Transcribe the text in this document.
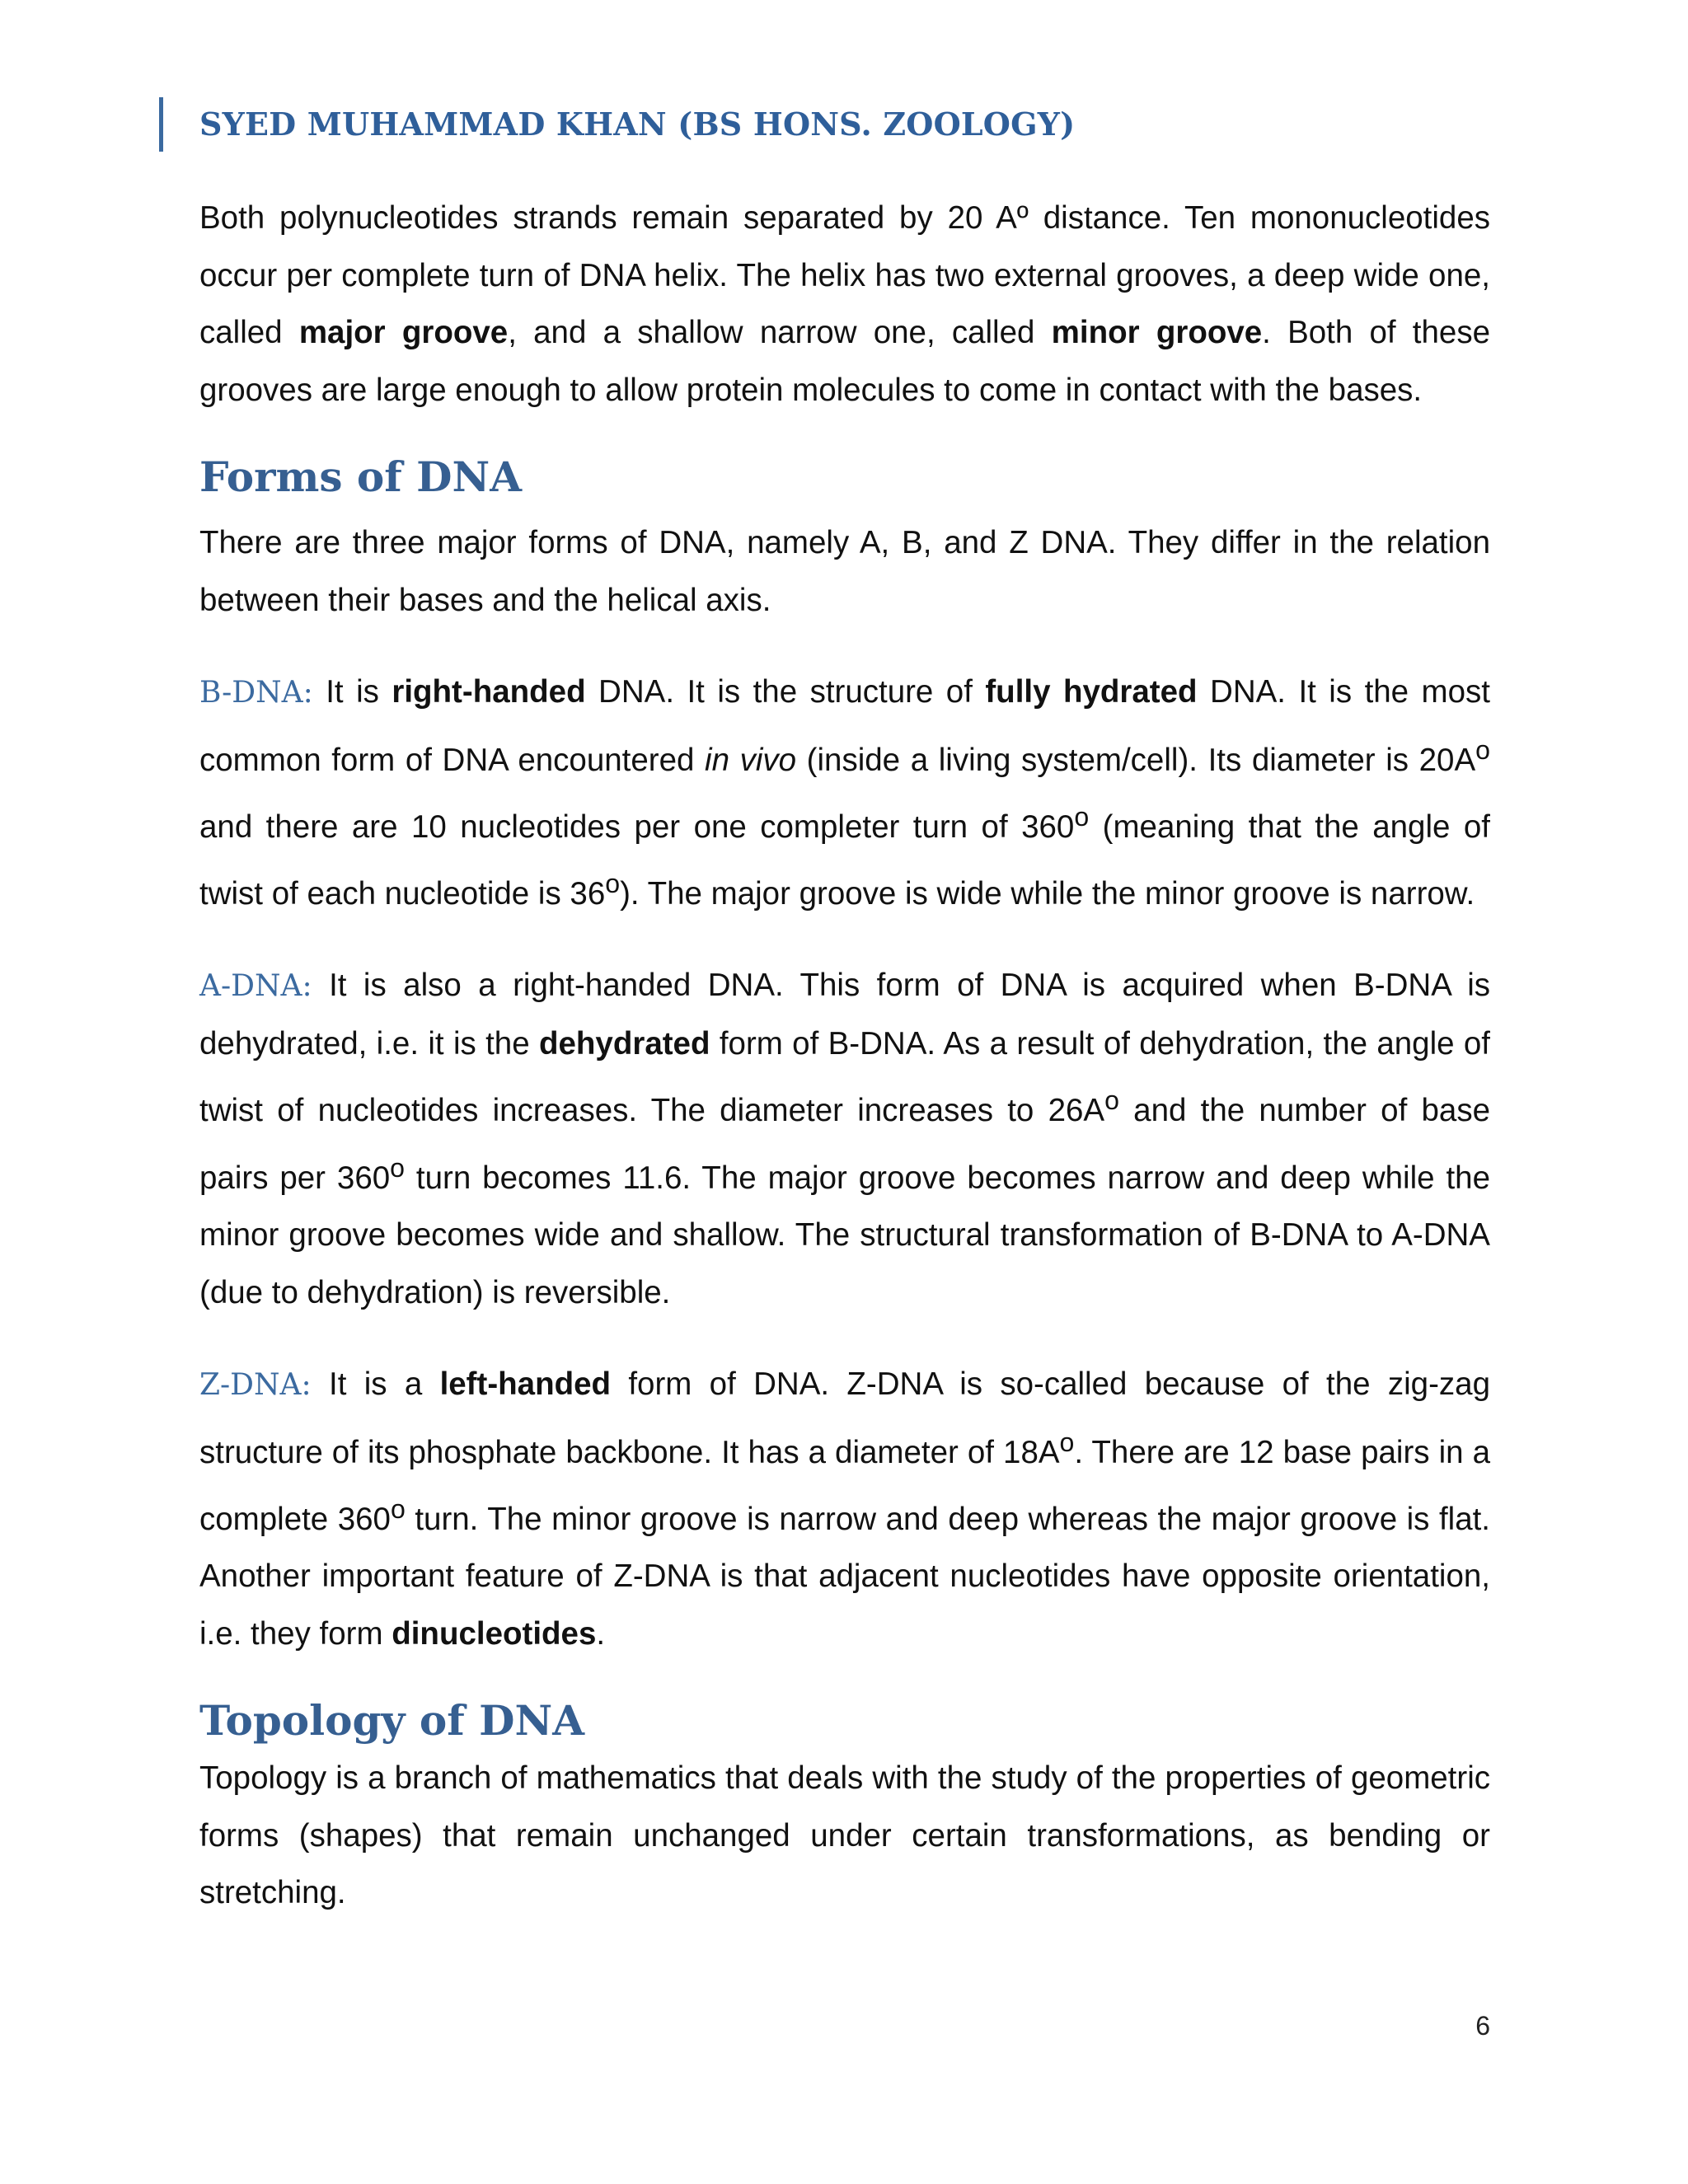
SYED MUHAMMAD KHAN (BS HONS. ZOOLOGY)

Both polynucleotides strands remain separated by 20 Aº distance. Ten mononucleotides occur per complete turn of DNA helix. The helix has two external grooves, a deep wide one, called major groove, and a shallow narrow one, called minor groove. Both of these grooves are large enough to allow protein molecules to come in contact with the bases.

Forms of DNA

There are three major forms of DNA, namely A, B, and Z DNA. They differ in the relation between their bases and the helical axis.

B-DNA: It is right-handed DNA. It is the structure of fully hydrated DNA. It is the most common form of DNA encountered in vivo (inside a living system/cell). Its diameter is $20A^o$ and there are 10 nucleotides per one completer turn of 360$^o$ (meaning that the angle of twist of each nucleotide is 36$^o$). The major groove is wide while the minor groove is narrow.

A-DNA: It is also a right-handed DNA. This form of DNA is acquired when B-DNA is dehydrated, i.e. it is the dehydrated form of B-DNA. As a result of dehydration, the angle of twist of nucleotides increases. The diameter increases to $26A^o$ and the number of base pairs per 360$^o$ turn becomes 11.6. The major groove becomes narrow and deep while the minor groove becomes wide and shallow. The structural transformation of B-DNA to A-DNA (due to dehydration) is reversible.

Z-DNA: It is a left-handed form of DNA. Z-DNA is so-called because of the zig-zag structure of its phosphate backbone. It has a diameter of $18A^o$. There are 12 base pairs in a complete 360$^o$ turn. The minor groove is narrow and deep whereas the major groove is flat. Another important feature of Z-DNA is that adjacent nucleotides have opposite orientation, i.e. they form dinucleotides.

Topology of DNA

Topology is a branch of mathematics that deals with the study of the properties of geometric forms (shapes) that remain unchanged under certain transformations, as bending or stretching.

6
